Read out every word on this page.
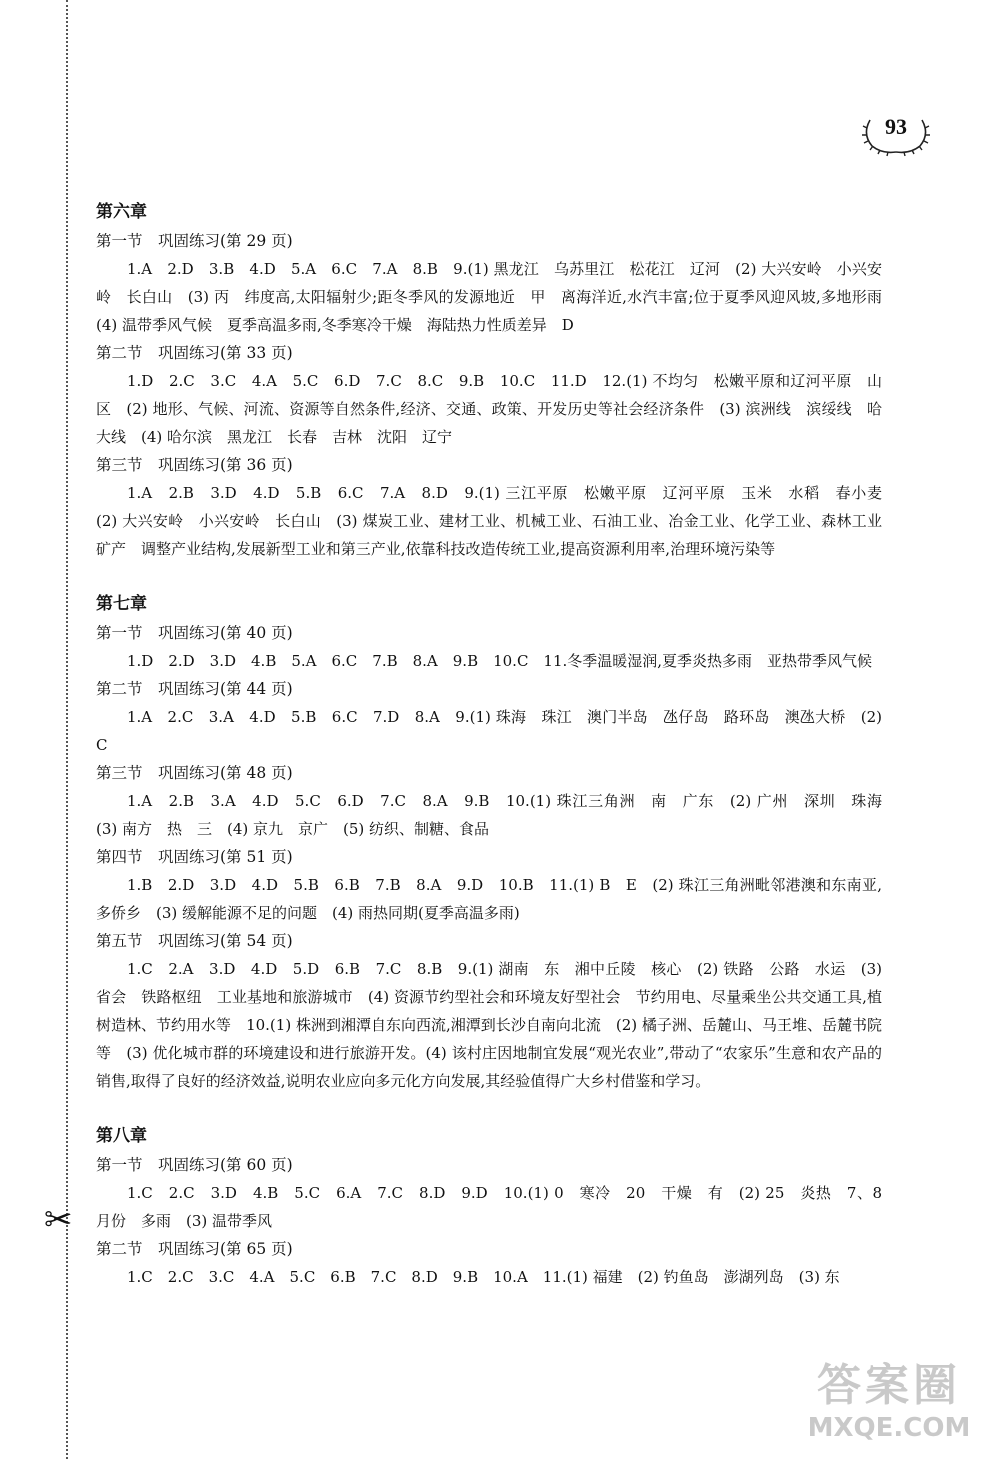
✂
93
第六章

第一节　巩固练习(第 29 页)

1.A　2.D　3.B　4.D　5.A　6.C　7.A　8.B　9.(1) 黑龙江　乌苏里江　松花江　辽河　(2) 大兴安岭　小兴安岭　长白山　(3) 丙　纬度高,太阳辐射少;距冬季风的发源地近　甲　离海洋近,水汽丰富;位于夏季风迎风坡,多地形雨　(4) 温带季风气候　夏季高温多雨,冬季寒冷干燥　海陆热力性质差异　D

第二节　巩固练习(第 33 页)

1.D　2.C　3.C　4.A　5.C　6.D　7.C　8.C　9.B　10.C　11.D　12.(1) 不均匀　松嫩平原和辽河平原　山区　(2) 地形、气候、河流、资源等自然条件,经济、交通、政策、开发历史等社会经济条件　(3) 滨洲线　滨绥线　哈大线　(4) 哈尔滨　黑龙江　长春　吉林　沈阳　辽宁

第三节　巩固练习(第 36 页)

1.A　2.B　3.D　4.D　5.B　6.C　7.A　8.D　9.(1) 三江平原　松嫩平原　辽河平原　玉米　水稻　春小麦　(2) 大兴安岭　小兴安岭　长白山　(3) 煤炭工业、建材工业、机械工业、石油工业、冶金工业、化学工业、森林工业　矿产　调整产业结构,发展新型工业和第三产业,依靠科技改造传统工业,提高资源利用率,治理环境污染等

第七章

第一节　巩固练习(第 40 页)

1.D　2.D　3.D　4.B　5.A　6.C　7.B　8.A　9.B　10.C　11.冬季温暖湿润,夏季炎热多雨　亚热带季风气候

第二节　巩固练习(第 44 页)

1.A　2.C　3.A　4.D　5.B　6.C　7.D　8.A　9.(1) 珠海　珠江　澳门半岛　氹仔岛　路环岛　澳氹大桥　(2) C

第三节　巩固练习(第 48 页)

1.A　2.B　3.A　4.D　5.C　6.D　7.C　8.A　9.B　10.(1) 珠江三角洲　南　广东　(2) 广州　深圳　珠海　(3) 南方　热　三　(4) 京九　京广　(5) 纺织、制糖、食品

第四节　巩固练习(第 51 页)

1.B　2.D　3.D　4.D　5.B　6.B　7.B　8.A　9.D　10.B　11.(1) B　E　(2) 珠江三角洲毗邻港澳和东南亚,多侨乡　(3) 缓解能源不足的问题　(4) 雨热同期(夏季高温多雨)

第五节　巩固练习(第 54 页)

1.C　2.A　3.D　4.D　5.D　6.B　7.C　8.B　9.(1) 湖南　东　湘中丘陵　核心　(2) 铁路　公路　水运　(3) 省会　铁路枢纽　工业基地和旅游城市　(4) 资源节约型社会和环境友好型社会　节约用电、尽量乘坐公共交通工具,植树造林、节约用水等　10.(1) 株洲到湘潭自东向西流,湘潭到长沙自南向北流　(2) 橘子洲、岳麓山、马王堆、岳麓书院等　(3) 优化城市群的环境建设和进行旅游开发。(4) 该村庄因地制宜发展“观光农业”,带动了“农家乐”生意和农产品的销售,取得了良好的经济效益,说明农业应向多元化方向发展,其经验值得广大乡村借鉴和学习。

第八章

第一节　巩固练习(第 60 页)

1.C　2.C　3.D　4.B　5.C　6.A　7.C　8.D　9.D　10.(1) 0　寒冷　20　干燥　有　(2) 25　炎热　7、8 月份　多雨　(3) 温带季风

第二节　巩固练习(第 65 页)

1.C　2.C　3.C　4.A　5.C　6.B　7.C　8.D　9.B　10.A　11.(1) 福建　(2) 钓鱼岛　澎湖列岛　(3) 东

答案圈
MXQE.COM
